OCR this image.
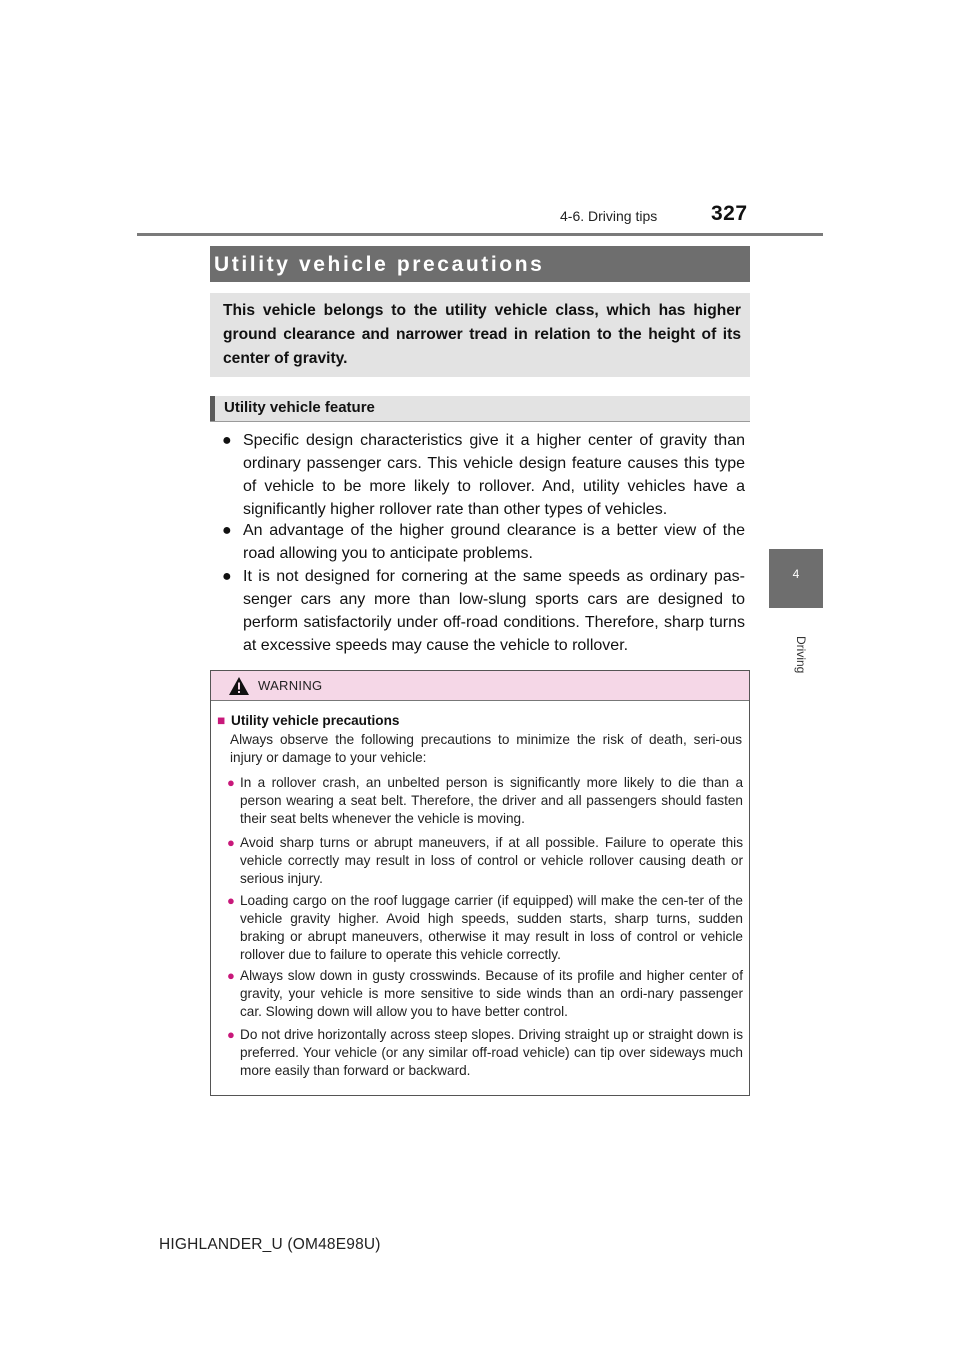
4-6. Driving tips	327
4
Driving
Utility vehicle precautions
This vehicle belongs to the utility vehicle class, which has higher ground clearance and narrower tread in relation to the height of its center of gravity.
Utility vehicle feature
● Specific design characteristics give it a higher center of gravity than ordinary passenger cars. This vehicle design feature causes this type of vehicle to be more likely to rollover. And, utility vehicles have a significantly higher rollover rate than other types of vehicles.
● An advantage of the higher ground clearance is a better view of the road allowing you to anticipate problems.
● It is not designed for cornering at the same speeds as ordinary pas-senger cars any more than low-slung sports cars are designed to perform satisfactorily under off-road conditions. Therefore, sharp turns at excessive speeds may cause the vehicle to rollover.
WARNING
■ Utility vehicle precautions
Always observe the following precautions to minimize the risk of death, seri-ous injury or damage to your vehicle:
● In a rollover crash, an unbelted person is significantly more likely to die than a person wearing a seat belt. Therefore, the driver and all passengers should fasten their seat belts whenever the vehicle is moving.
● Avoid sharp turns or abrupt maneuvers, if at all possible. Failure to operate this vehicle correctly may result in loss of control or vehicle rollover causing death or serious injury.
● Loading cargo on the roof luggage carrier (if equipped) will make the cen-ter of the vehicle gravity higher. Avoid high speeds, sudden starts, sharp turns, sudden braking or abrupt maneuvers, otherwise it may result in loss of control or vehicle rollover due to failure to operate this vehicle correctly.
● Always slow down in gusty crosswinds. Because of its profile and higher center of gravity, your vehicle is more sensitive to side winds than an ordi-nary passenger car. Slowing down will allow you to have better control.
● Do not drive horizontally across steep slopes. Driving straight up or straight down is preferred. Your vehicle (or any similar off-road vehicle) can tip over sideways much more easily than forward or backward.
HIGHLANDER_U (OM48E98U)
